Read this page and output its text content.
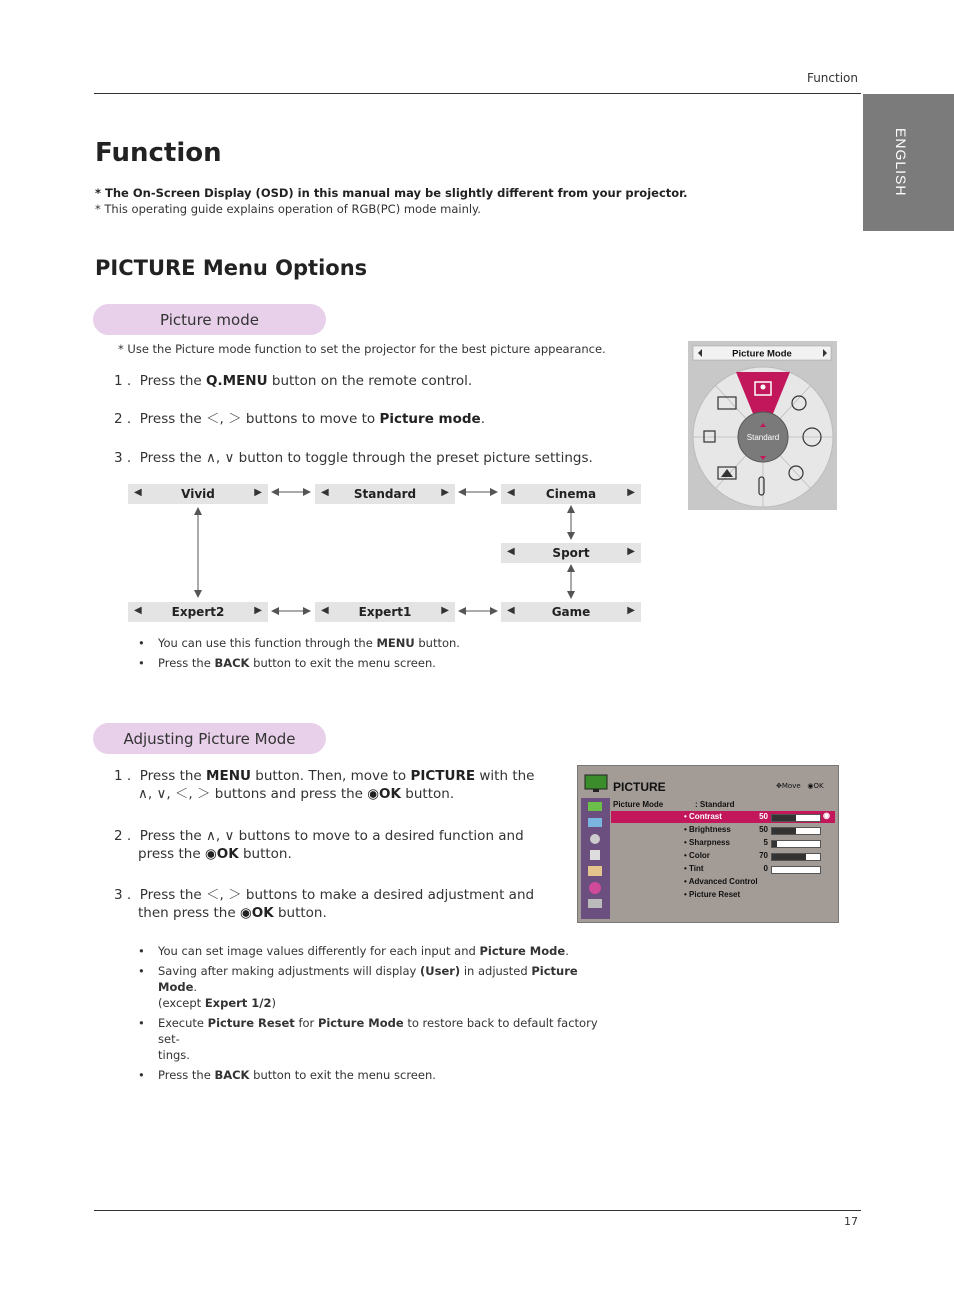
Function
ENGLISH
Function
* The On-Screen Display (OSD) in this manual may be slightly different from your projector.
* This operating guide explains operation of RGB(PC) mode mainly.
PICTURE Menu Options
Picture mode
* Use the Picture mode function to set the projector for the best picture appearance.
1 . Press the Q.MENU button on the remote control.
2 . Press the ＜, ＞ buttons to move to Picture mode.
3 . Press the ∧, ∨ button to toggle through the preset picture settings.
◀	Vivid	▶	◀ Standard	▶	◀	Cinema	▶
◀	Sport	▶
◀ Expert2	▶	◀ Expert1	▶	◀	Game	▶
• You can use this function through the MENU button.
• Press the BACK button to exit the menu screen.
Picture Mode
Standard
Adjusting Picture Mode
1 . Press the MENU button. Then, move to PICTURE with the
∧, ∨, ＜, ＞ buttons and press the ◉OK button.
2 . Press the ∧, ∨ buttons to move to a desired function and
press the ◉OK button.
3 . Press the ＜, ＞ buttons to make a desired adjustment and
then press the ◉OK button.
• You can set image values differently for each input and Picture Mode.
• Saving after making adjustments will display (User) in adjusted Picture Mode.
(except Expert 1/2)
• Execute Picture Reset for Picture Mode to restore back to default factory set-
tings.
• Press the BACK button to exit the menu screen.
PICTURE	✥Move   ◉OK
Picture Mode	: Standard
• Contrast	50	◉
• Brightness	50
• Sharpness	5
• Color	70
• Tint	0
• Advanced Control
• Picture Reset
17
